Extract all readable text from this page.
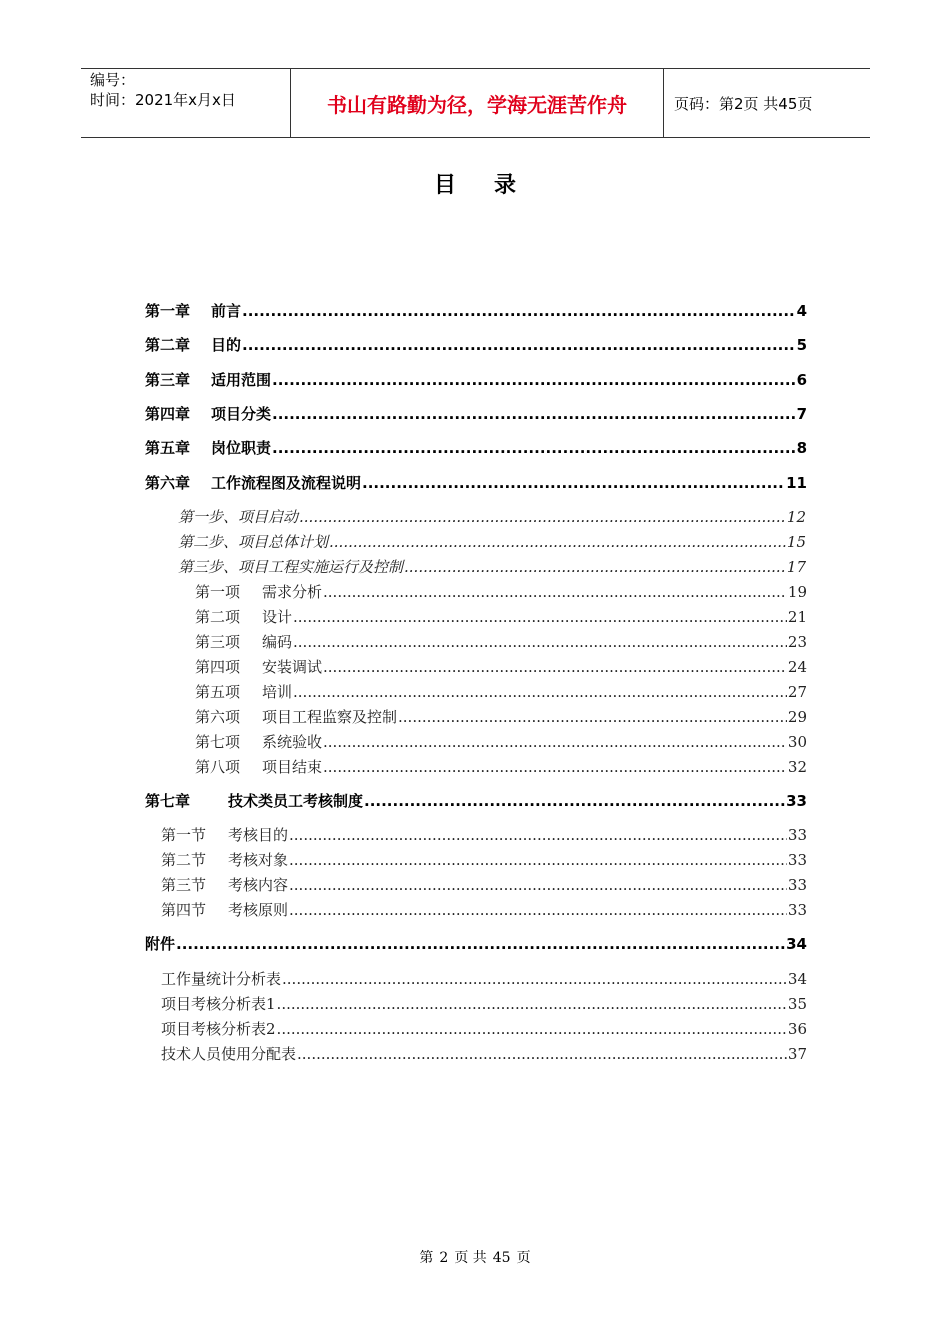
编号：
时间：2021年x月x日	书山有路勤为径，学海无涯苦作舟	页码：第2页 共45页
目录
第一章	前言 .....	4
第二章	目的 .....	5
第三章	适用范围 .....	6
第四章	项目分类 .....	7
第五章	岗位职责 .....	8
第六章	工作流程图及流程说明 .....	11
第一步、项目启动 .....	12
第二步、项目总体计划 .....	15
第三步、项目工程实施运行及控制 .....	17
第一项	需求分析 .....	19
第二项	设计 .....	21
第三项	编码 .....	23
第四项	安装调试 .....	24
第五项	培训 .....	27
第六项	项目工程监察及控制 .....	29
第七项	系统验收 .....	30
第八项	项目结束 .....	32
第七章	技术类员工考核制度 .....	33
第一节	考核目的 .....	33
第二节	考核对象 .....	33
第三节	考核内容 .....	33
第四节	考核原则 .....	33
附件 .....	34
工作量统计分析表 .....	34
项目考核分析表1 .....	35
项目考核分析表2 .....	36
技术人员使用分配表 .....	37
第 2 页 共 45 页
